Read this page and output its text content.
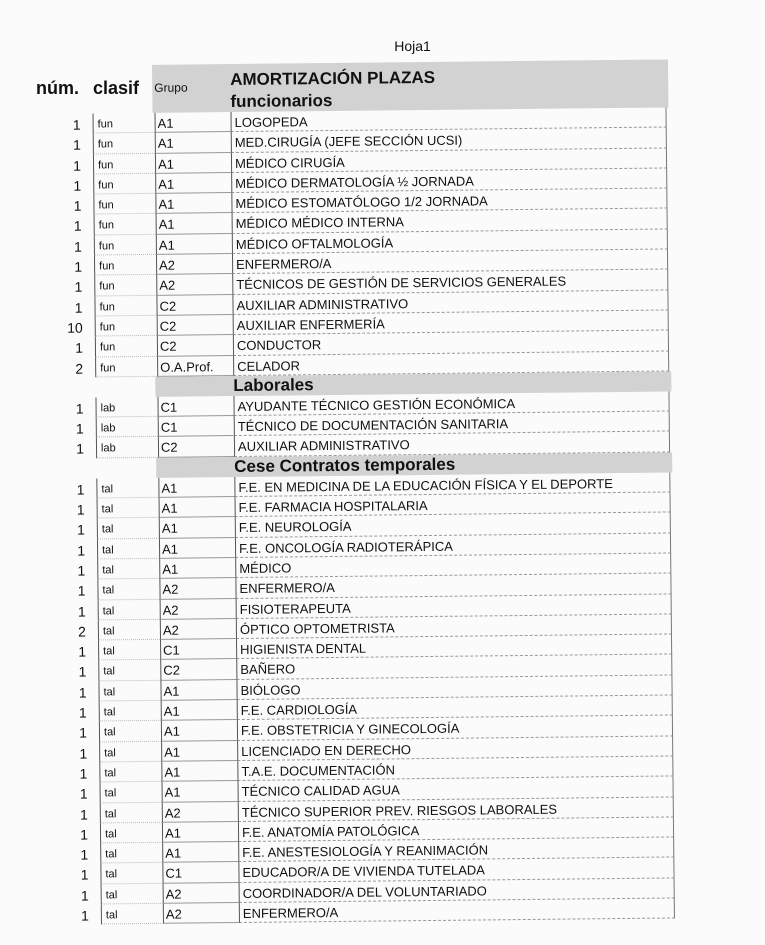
Hoja1
núm. clasif Grupo AMORTIZACIÓN PLAZAS
funcionarios
1	fun	A1	LOGOPEDA
1	fun	A1	MED.CIRUGÍA (JEFE SECCIÓN UCSI)
1	fun	A1	MÉDICO CIRUGÍA
1	fun	A1	MÉDICO DERMATOLOGÍA ½ JORNADA
1	fun	A1	MÉDICO ESTOMATÓLOGO 1/2 JORNADA
1	fun	A1	MÉDICO MÉDICO INTERNA
1	fun	A1	MÉDICO OFTALMOLOGÍA
1	fun	A2	ENFERMERO/A
1	fun	A2	TÉCNICOS DE GESTIÓN DE SERVICIOS GENERALES
1	fun	C2	AUXILIAR ADMINISTRATIVO
10	fun	C2	AUXILIAR ENFERMERÍA
1	fun	C2	CONDUCTOR
2	fun	O.A.Prof.	CELADOR
Laborales
1	lab	C1	AYUDANTE TÉCNICO GESTIÓN ECONÓMICA
1	lab	C1	TÉCNICO DE DOCUMENTACIÓN SANITARIA
1	lab	C2	AUXILIAR ADMINISTRATIVO
Cese Contratos temporales
1	tal	A1	F.E. EN MEDICINA DE LA EDUCACIÓN FÍSICA Y EL DEPORTE
1	tal	A1	F.E. FARMACIA HOSPITALARIA
1	tal	A1	F.E. NEUROLOGÍA
1	tal	A1	F.E. ONCOLOGÍA RADIOTERÁPICA
1	tal	A1	MÉDICO
1	tal	A2	ENFERMERO/A
1	tal	A2	FISIOTERAPEUTA
2	tal	A2	ÓPTICO OPTOMETRISTA
1	tal	C1	HIGIENISTA DENTAL
1	tal	C2	BAÑERO
1	tal	A1	BIÓLOGO
1	tal	A1	F.E. CARDIOLOGÍA
1	tal	A1	F.E. OBSTETRICIA Y GINECOLOGÍA
1	tal	A1	LICENCIADO EN DERECHO
1	tal	A1	T.A.E. DOCUMENTACIÓN
1	tal	A1	TÉCNICO CALIDAD AGUA
1	tal	A2	TÉCNICO SUPERIOR PREV. RIESGOS LABORALES
1	tal	A1	F.E. ANATOMÍA PATOLÓGICA
1	tal	A1	F.E. ANESTESIOLOGÍA Y REANIMACIÓN
1	tal	C1	EDUCADOR/A DE VIVIENDA TUTELADA
1	tal	A2	COORDINADOR/A DEL VOLUNTARIADO
1	tal	A2	ENFERMERO/A
